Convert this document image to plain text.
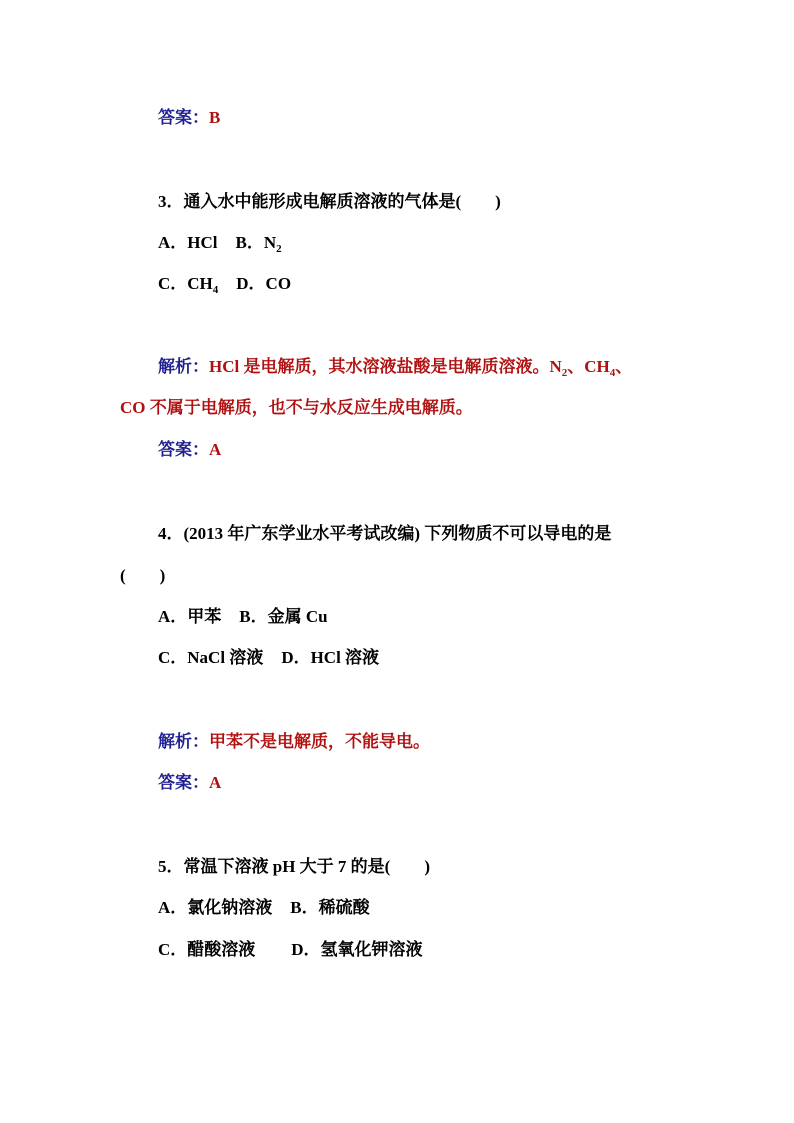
答案：B
3．通入水中能形成电解质溶液的气体是(　　)
A．HCl B．$N_2$
C．$CH_4$ D．CO
解析：HCl 是电解质，其水溶液盐酸是电解质溶液。$N_2$、$CH_4$、
CO 不属于电解质，也不与水反应生成电解质。
答案：A
4．(2013 年广东学业水平考试改编) 下列物质不可以导电的是
(　　)
A．甲苯 B．金属 Cu
C．NaCl 溶液 D．HCl 溶液
解析：甲苯不是电解质，不能导电。
答案：A
5．常温下溶液 pH 大于 7 的是(　　)
A．氯化钠溶液 B．稀硫酸
C．醋酸溶液 D．氢氧化钾溶液
